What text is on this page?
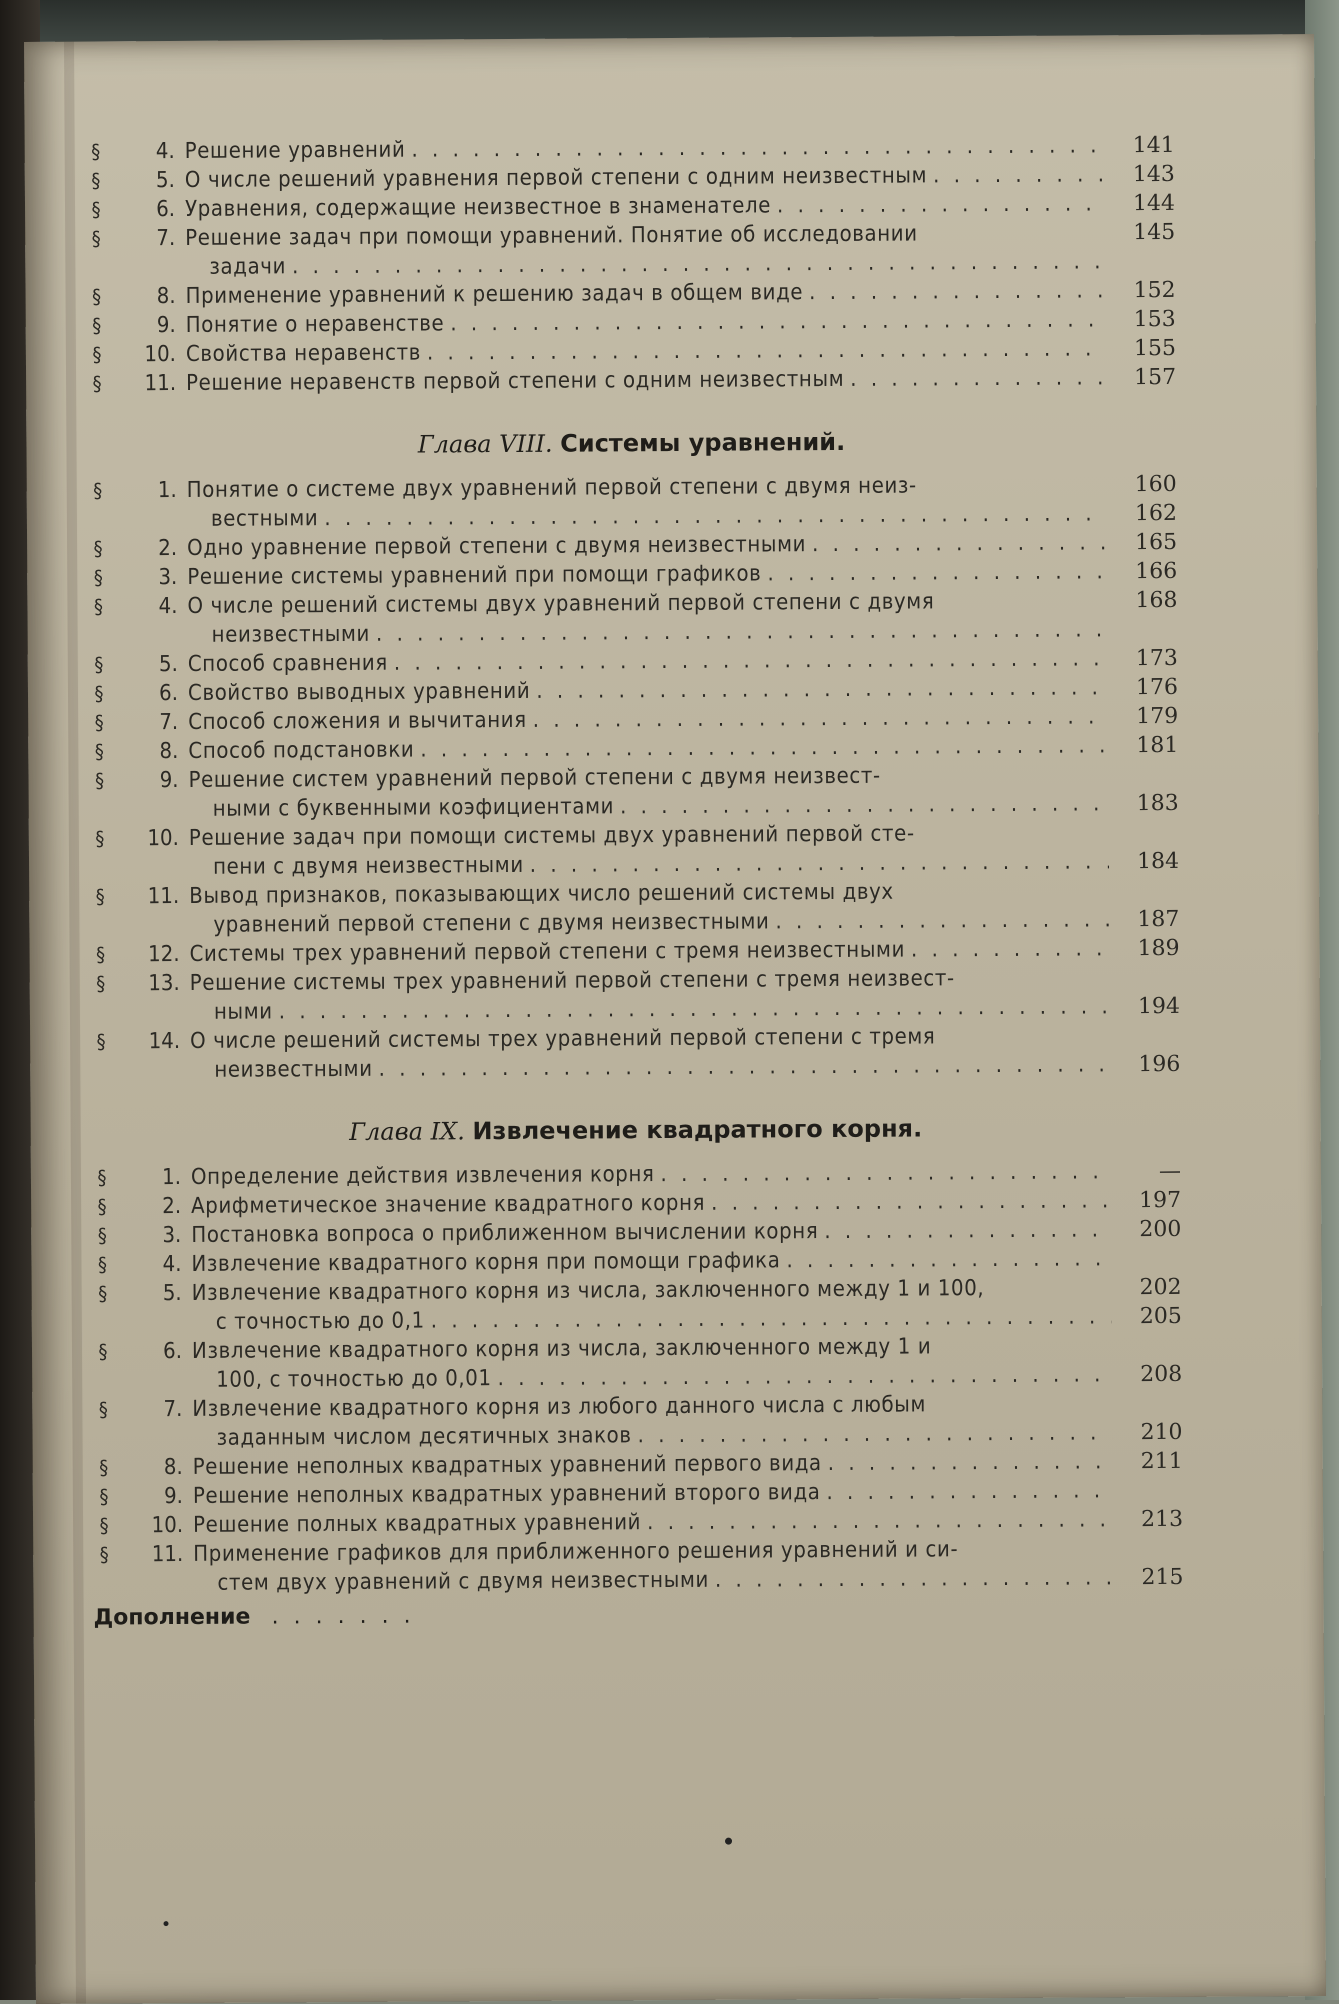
§	4. Решение уравнений . . .	141
§	5. О числе решений уравнения первой степени с одним неизвестным . . .	143
§	6. Уравнения, содержащие неизвестное в знаменателе . . .	144
§	7. Решение задач при помощи уравнений. Понятие об исследовании	145
задачи
. . .
§	8. Применение уравнений к решению задач в общем виде . . .	152
§	9. Понятие о неравенстве . . .	153
§	10. Свойства неравенств . . .	155
§	11. Решение неравенств первой степени с одним неизвестным . . .	157
Глава VIII. Системы уравнений.
§	1. Понятие о системе двух уравнений первой степени с двумя неиз-	160
вестными . . .	162
§	2. Одно уравнение первой степени с двумя неизвестными . . .	165
§	3. Решение системы уравнений при помощи графиков . . .	166
§	4. О числе решений системы двух уравнений первой степени с двумя	168
неизвестными
. . .
§	5. Способ сравнения . . .	173
§	6. Свойство выводных уравнений . . .	176
§	7. Способ сложения и вычитания . . .	179
§	8. Способ подстановки . . .	181
§	9. Решение систем уравнений первой степени с двумя неизвест-
ными с буквенными коэфициентами . . .	183
§	10. Решение задач при помощи системы двух уравнений первой сте-
пени с двумя неизвестными . . .	184
§	11. Вывод признаков, показывающих число решений системы двух
уравнений первой степени с двумя неизвестными . . .	187
§	12. Системы трех уравнений первой степени с тремя неизвестными . . .	189
§	13. Решение системы трех уравнений первой степени с тремя неизвест-
ными . . .	194
§	14. О числе решений системы трех уравнений первой степени с тремя
неизвестными . . .	196
Глава IX. Извлечение квадратного корня.
§	1. Определение действия извлечения корня . . .	—
§	2. Арифметическое значение квадратного корня . . .	197
§	3. Постановка вопроса о приближенном вычислении корня . . .	200
§	4. Извлечение квадратного корня при помощи графика
. . .
§	5. Извлечение квадратного корня из числа, заключенного между 1 и 100,	202
с точностью до 0,1 . . .	205
§	6. Извлечение квадратного корня из числа, заключенного между 1 и
100, с точностью до 0,01 . . .	208
§	7. Извлечение квадратного корня из любого данного числа с любым
заданным числом десятичных знаков . . .	210
§	8. Решение неполных квадратных уравнений первого вида . . .	211
§	9. Решение неполных квадратных уравнений второго вида
. . .
§	10. Решение полных квадратных уравнений . . .	213
§	11. Применение графиков для приближенного решения уравнений и си-
стем двух уравнений с двумя неизвестными . . .	215
Дополнение
. . .
